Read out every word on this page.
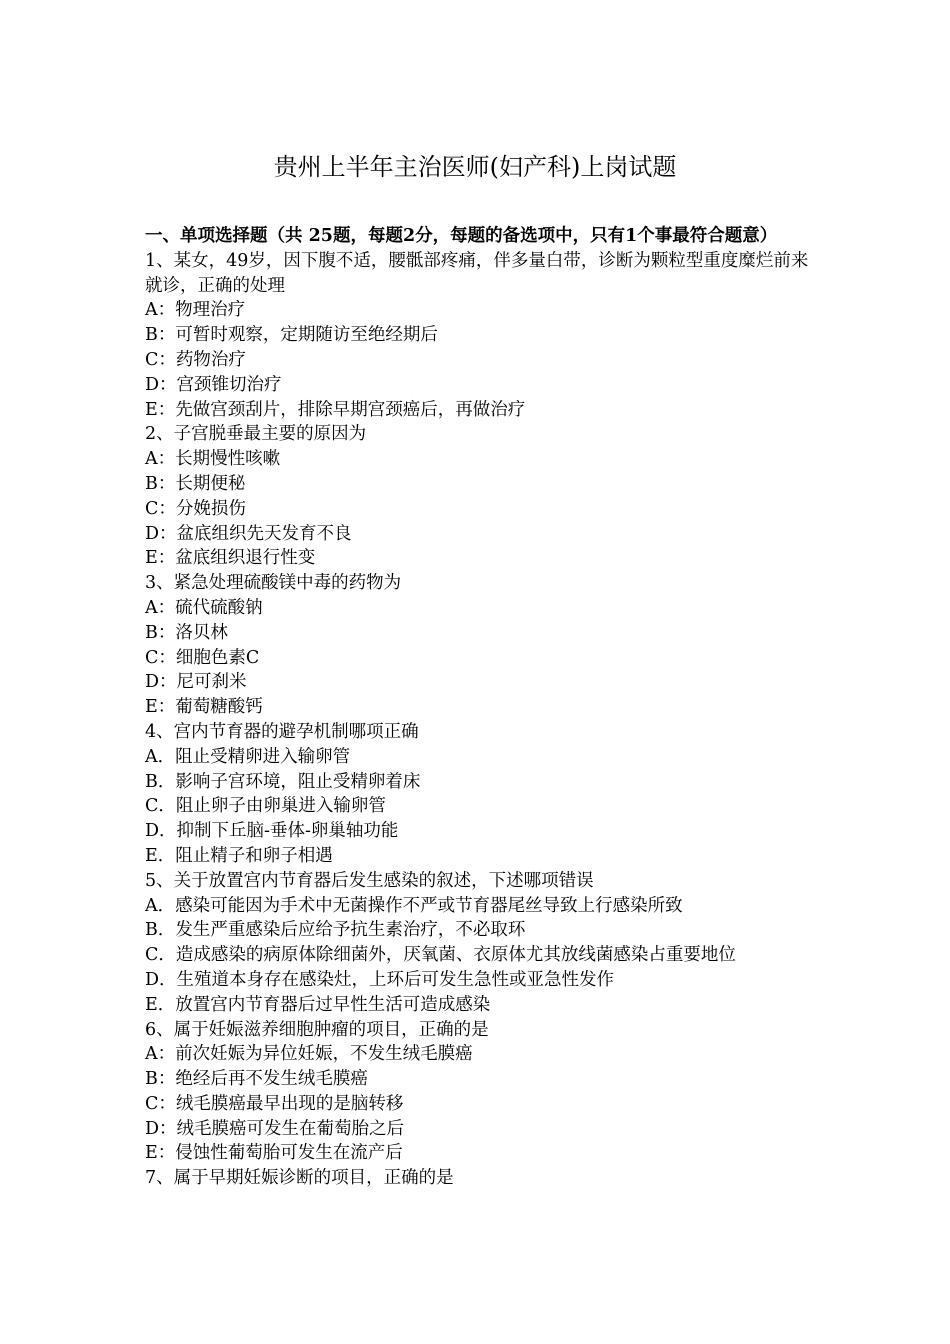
贵州上半年主治医师(妇产科)上岗试题

一、单项选择题（共 25题，每题2分，每题的备选项中，只有1个事最符合题意）

1、某女，49岁，因下腹不适，腰骶部疼痛，伴多量白带，诊断为颗粒型重度糜烂前来就诊，正确的处理

A：物理治疗

B：可暂时观察，定期随访至绝经期后

C：药物治疗

D：宫颈锥切治疗

E：先做宫颈刮片，排除早期宫颈癌后，再做治疗

2、子宫脱垂最主要的原因为

A：长期慢性咳嗽

B：长期便秘

C：分娩损伤

D：盆底组织先天发育不良

E：盆底组织退行性变

3、紧急处理硫酸镁中毒的药物为

A：硫代硫酸钠

B：洛贝林

C：细胞色素C

D：尼可刹米

E：葡萄糖酸钙

4、宫内节育器的避孕机制哪项正确

A．阻止受精卵进入输卵管

B．影响子宫环境，阻止受精卵着床

C．阻止卵子由卵巢进入输卵管

D．抑制下丘脑-垂体-卵巢轴功能

E．阻止精子和卵子相遇

5、关于放置宫内节育器后发生感染的叙述，下述哪项错误

A．感染可能因为手术中无菌操作不严或节育器尾丝导致上行感染所致

B．发生严重感染后应给予抗生素治疗，不必取环

C．造成感染的病原体除细菌外，厌氧菌、衣原体尤其放线菌感染占重要地位

D．生殖道本身存在感染灶，上环后可发生急性或亚急性发作

E．放置宫内节育器后过早性生活可造成感染

6、属于妊娠滋养细胞肿瘤的项目，正确的是

A：前次妊娠为异位妊娠，不发生绒毛膜癌

B：绝经后再不发生绒毛膜癌

C：绒毛膜癌最早出现的是脑转移

D：绒毛膜癌可发生在葡萄胎之后

E：侵蚀性葡萄胎可发生在流产后

7、属于早期妊娠诊断的项目，正确的是
